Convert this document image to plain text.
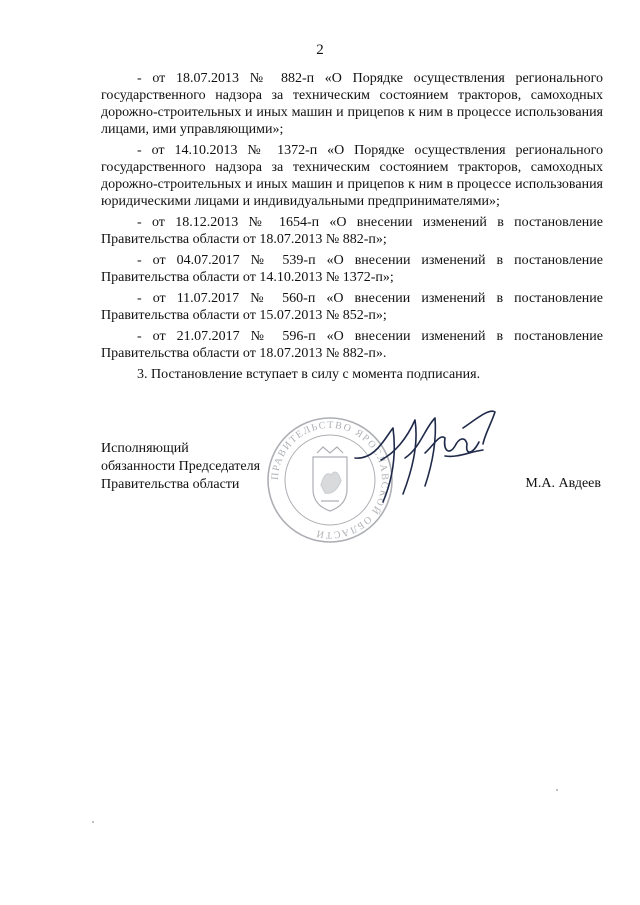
2

- от 18.07.2013 № 882-п «О Порядке осуществления регионального государственного надзора за техническим состоянием тракторов, самоходных дорожно-строительных и иных машин и прицепов к ним в процессе использования лицами, ими управляющими»;

- от 14.10.2013 № 1372-п «О Порядке осуществления регионального государственного надзора за техническим состоянием тракторов, самоходных дорожно-строительных и иных машин и прицепов к ним в процессе использования юридическими лицами и индивидуальными предпринимателями»;

- от 18.12.2013 № 1654-п «О внесении изменений в постановление Правительства области от 18.07.2013 № 882-п»;

- от 04.07.2017 № 539-п «О внесении изменений в постановление Правительства области от 14.10.2013 № 1372-п»;

- от 11.07.2017 № 560-п «О внесении изменений в постановление Правительства области от 15.07.2013 № 852-п»;

- от 21.07.2017 № 596-п «О внесении изменений в постановление Правительства области от 18.07.2013 № 882-п».

3. Постановление вступает в силу с момента подписания.

ПРАВИТЕЛЬСТВО ЯРОСЛАВСКОЙ ОБЛАСТИ
Исполняющий
обязанности Председателя
Правительства области	М.А. Авдеев
